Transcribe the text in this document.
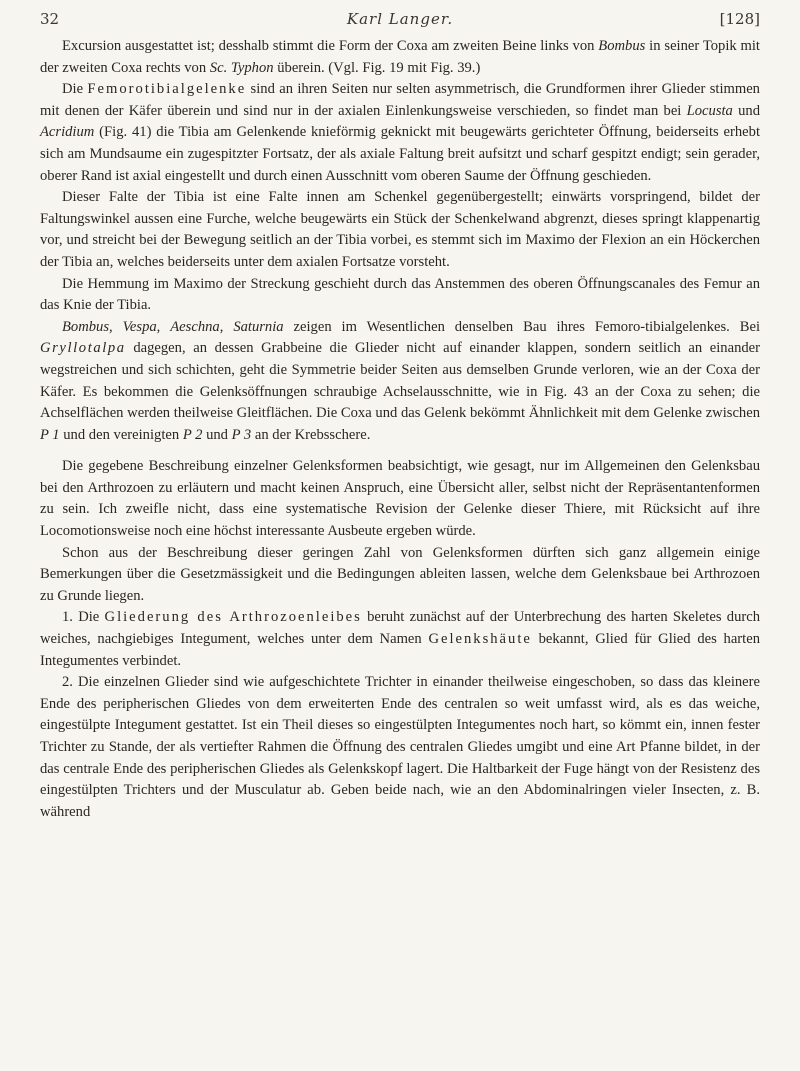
32	Karl Langer.	[128]

Excursion ausgestattet ist; desshalb stimmt die Form der Coxa am zweiten Beine links von Bombus in seiner Topik mit der zweiten Coxa rechts von Sc. Typhon überein. (Vgl. Fig. 19 mit Fig. 39.)

Die Femorotibialgelenke sind an ihren Seiten nur selten asymmetrisch, die Grundformen ihrer Glieder stimmen mit denen der Käfer überein und sind nur in der axialen Einlenkungsweise verschieden, so findet man bei Locusta und Acridium (Fig. 41) die Tibia am Gelenkende knieförmig geknickt mit beugewärts gerichteter Öffnung, beiderseits erhebt sich am Mundsaume ein zugespitzter Fortsatz, der als axiale Faltung breit aufsitzt und scharf gespitzt endigt; sein gerader, oberer Rand ist axial eingestellt und durch einen Ausschnitt vom oberen Saume der Öffnung geschieden.

Dieser Falte der Tibia ist eine Falte innen am Schenkel gegenübergestellt; einwärts vorspringend, bildet der Faltungswinkel aussen eine Furche, welche beugewärts ein Stück der Schenkelwand abgrenzt, dieses springt klappenartig vor, und streicht bei der Bewegung seitlich an der Tibia vorbei, es stemmt sich im Maximo der Flexion an ein Höckerchen der Tibia an, welches beiderseits unter dem axialen Fortsatze vorsteht.

Die Hemmung im Maximo der Streckung geschieht durch das Anstemmen des oberen Öffnungscanales des Femur an das Knie der Tibia.

Bombus, Vespa, Aeschna, Saturnia zeigen im Wesentlichen denselben Bau ihres Femoro-tibialgelenkes. Bei Gryllotalpa dagegen, an dessen Grabbeine die Glieder nicht auf einander klappen, sondern seitlich an einander wegstreichen und sich schichten, geht die Symmetrie beider Seiten aus demselben Grunde verloren, wie an der Coxa der Käfer. Es bekommen die Gelenksöffnungen schraubige Achselausschnitte, wie in Fig. 43 an der Coxa zu sehen; die Achselflächen werden theilweise Gleitflächen. Die Coxa und das Gelenk bekömmt Ähnlichkeit mit dem Gelenke zwischen P 1 und den vereinigten P 2 und P 3 an der Krebsschere.

Die gegebene Beschreibung einzelner Gelenksformen beabsichtigt, wie gesagt, nur im Allgemeinen den Gelenksbau bei den Arthrozoen zu erläutern und macht keinen Anspruch, eine Übersicht aller, selbst nicht der Repräsentantenformen zu sein. Ich zweifle nicht, dass eine systematische Revision der Gelenke dieser Thiere, mit Rücksicht auf ihre Locomotionsweise noch eine höchst interessante Ausbeute ergeben würde.

Schon aus der Beschreibung dieser geringen Zahl von Gelenksformen dürften sich ganz allgemein einige Bemerkungen über die Gesetzmässigkeit und die Bedingungen ableiten lassen, welche dem Gelenksbaue bei Arthrozoen zu Grunde liegen.

1. Die Gliederung des Arthrozoenleibes beruht zunächst auf der Unterbrechung des harten Skeletes durch weiches, nachgiebiges Integument, welches unter dem Namen Gelenkshäute bekannt, Glied für Glied des harten Integumentes verbindet.

2. Die einzelnen Glieder sind wie aufgeschichtete Trichter in einander theilweise eingeschoben, so dass das kleinere Ende des peripherischen Gliedes von dem erweiterten Ende des centralen so weit umfasst wird, als es das weiche, eingestülpte Integument gestattet. Ist ein Theil dieses so eingestülpten Integumentes noch hart, so kömmt ein, innen fester Trichter zu Stande, der als vertiefter Rahmen die Öffnung des centralen Gliedes umgibt und eine Art Pfanne bildet, in der das centrale Ende des peripherischen Gliedes als Gelenkskopf lagert. Die Haltbarkeit der Fuge hängt von der Resistenz des eingestülpten Trichters und der Musculatur ab. Geben beide nach, wie an den Abdominalringen vieler Insecten, z. B. während
